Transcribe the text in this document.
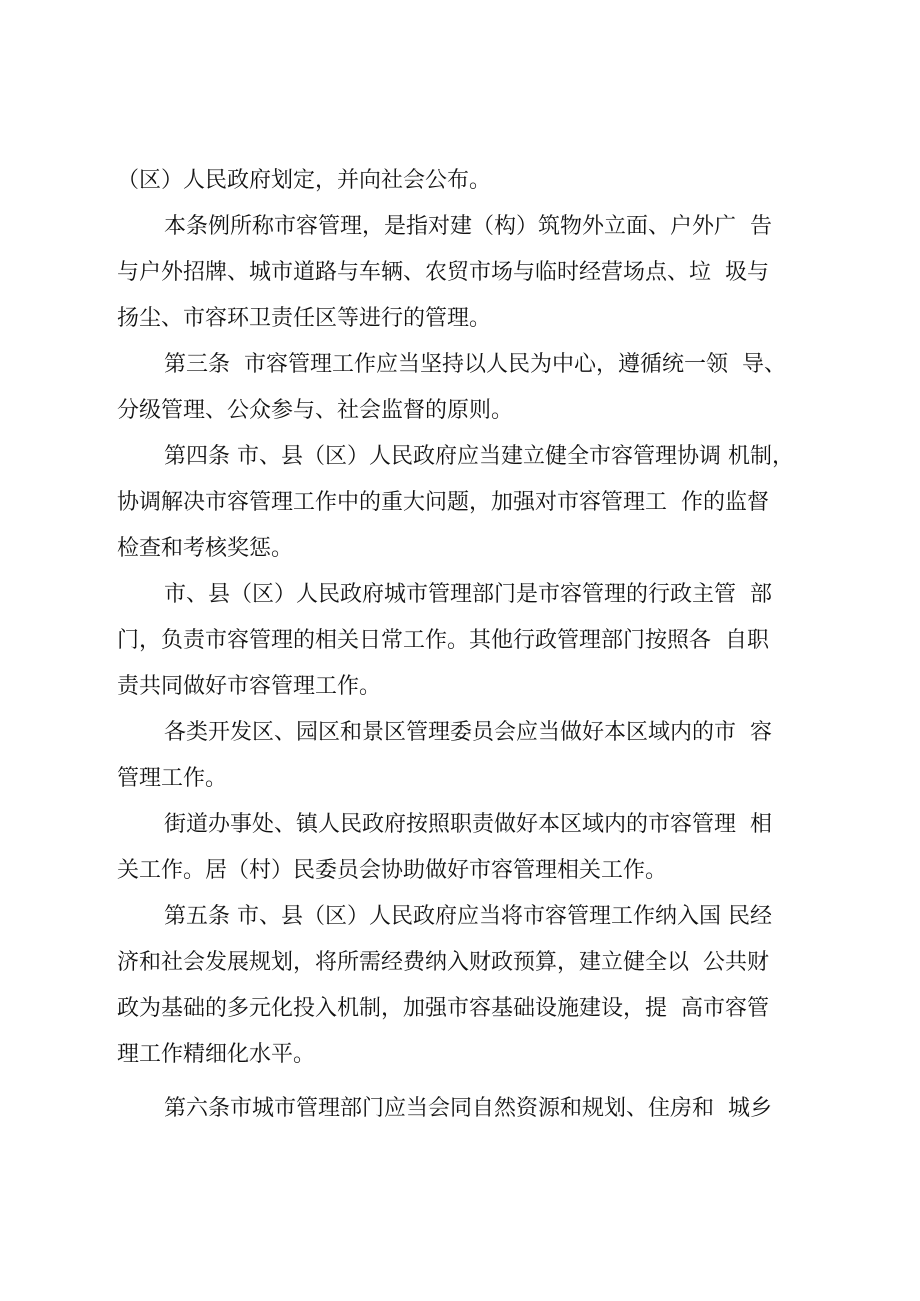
（区）人民政府划定，并向社会公布。
本条例所称市容管理，是指对建（构）筑物外立面、户外广  告
与户外招牌、城市道路与车辆、农贸市场与临时经营场点、垃  圾与
扬尘、市容环卫责任区等进行的管理。
第三条  市容管理工作应当坚持以人民为中心，遵循统一领  导、
分级管理、公众参与、社会监督的原则。
第四条 市、县（区）人民政府应当建立健全市容管理协调 机制，
协调解决市容管理工作中的重大问题，加强对市容管理工  作的监督
检查和考核奖惩。
市、县（区）人民政府城市管理部门是市容管理的行政主管  部
门，负责市容管理的相关日常工作。其他行政管理部门按照各  自职
责共同做好市容管理工作。
各类开发区、园区和景区管理委员会应当做好本区域内的市  容
管理工作。
街道办事处、镇人民政府按照职责做好本区域内的市容管理  相
关工作。居（村）民委员会协助做好市容管理相关工作。
第五条 市、县（区）人民政府应当将市容管理工作纳入国 民经
济和社会发展规划，将所需经费纳入财政预算，建立健全以  公共财
政为基础的多元化投入机制，加强市容基础设施建设，提  高市容管
理工作精细化水平。
第六条市城市管理部门应当会同自然资源和规划、住房和  城乡
